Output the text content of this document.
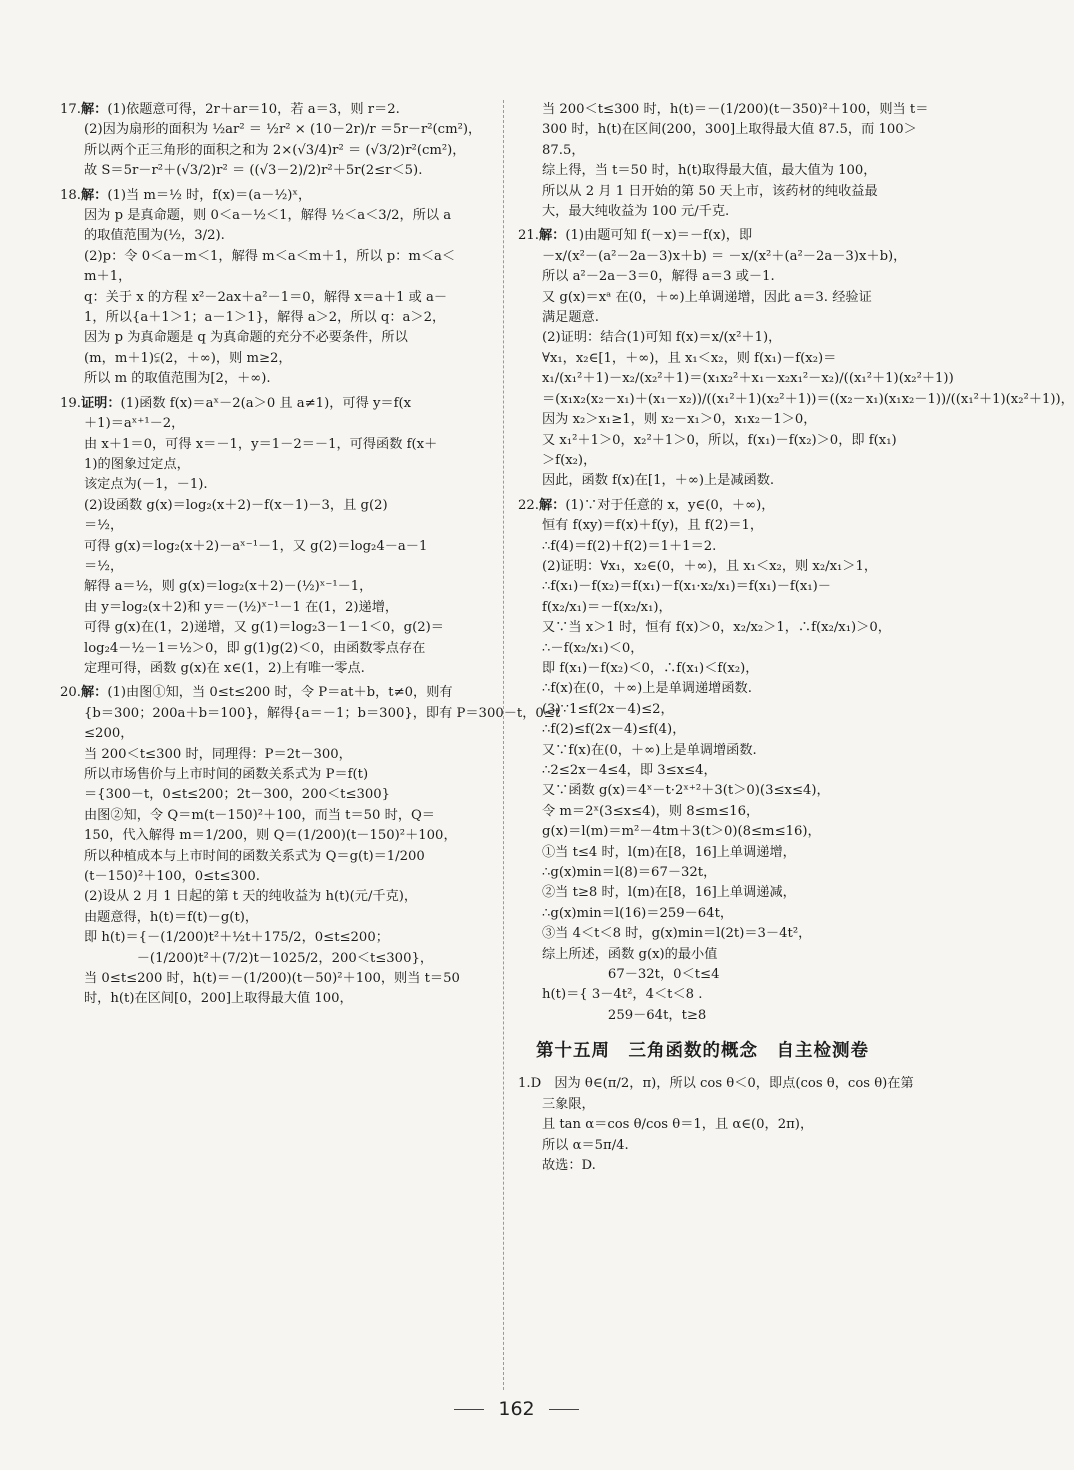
17.解：(1)依题意可得，2r＋ar＝10，若 a＝3，则 r＝2.
(2)因为扇形的面积为 ½ar² ＝ ½r² × (10－2r)/r ＝5r－r²(cm²)，
所以两个正三角形的面积之和为 2×(√3/4)r² ＝ (√3/2)r²(cm²)，
故 S＝5r－r²＋(√3/2)r² ＝ ((√3－2)/2)r²＋5r(2≤r＜5).
18.解：(1)当 m＝½ 时，f(x)＝(a－½)ˣ，
因为 p 是真命题，则 0＜a－½＜1，解得 ½＜a＜3/2，所以 a
的取值范围为(½，3/2).
(2)p：令 0＜a－m＜1，解得 m＜a＜m＋1，所以 p：m＜a＜
m＋1，
q：关于 x 的方程 x²－2ax＋a²－1＝0，解得 x＝a＋1 或 a－
1，所以{a＋1＞1；a－1＞1}，解得 a＞2，所以 q：a＞2，
因为 p 为真命题是 q 为真命题的充分不必要条件，所以
(m，m＋1)⫋(2，＋∞)，则 m≥2，
所以 m 的取值范围为[2，＋∞).
19.证明：(1)函数 f(x)＝aˣ－2(a＞0 且 a≠1)，可得 y＝f(x
＋1)＝aˣ⁺¹－2，
由 x＋1＝0，可得 x＝－1，y＝1－2＝－1，可得函数 f(x＋
1)的图象过定点，
该定点为(－1，－1).
(2)设函数 g(x)＝log₂(x＋2)－f(x－1)－3，且 g(2)
＝½，
可得 g(x)＝log₂(x＋2)－aˣ⁻¹－1，又 g(2)＝log₂4－a－1
＝½，
解得 a＝½，则 g(x)＝log₂(x＋2)－(½)ˣ⁻¹－1，
由 y＝log₂(x＋2)和 y＝－(½)ˣ⁻¹－1 在(1，2)递增，
可得 g(x)在(1，2)递增，又 g(1)＝log₂3－1－1＜0，g(2)＝
log₂4－½－1＝½＞0，即 g(1)g(2)＜0，由函数零点存在
定理可得，函数 g(x)在 x∈(1，2)上有唯一零点.
20.解：(1)由图①知，当 0≤t≤200 时，令 P＝at＋b，t≠0，则有
{b＝300；200a＋b＝100}，解得{a＝－1；b＝300}，即有 P＝300－t，0≤t
≤200，
当 200＜t≤300 时，同理得：P＝2t－300，
所以市场售价与上市时间的函数关系式为 P＝f(t)
＝{300－t，0≤t≤200；2t－300，200＜t≤300}
由图②知，令 Q＝m(t－150)²＋100，而当 t＝50 时，Q＝
150，代入解得 m＝1/200，则 Q＝(1/200)(t－150)²＋100，
所以种植成本与上市时间的函数关系式为 Q＝g(t)＝1/200
(t－150)²＋100，0≤t≤300.
(2)设从 2 月 1 日起的第 t 天的纯收益为 h(t)(元/千克)，
由题意得，h(t)＝f(t)－g(t)，
即 h(t)＝{－(1/200)t²＋½t＋175/2，0≤t≤200；
　　　　－(1/200)t²＋(7/2)t－1025/2，200＜t≤300}，
当 0≤t≤200 时，h(t)＝－(1/200)(t－50)²＋100，则当 t＝50
时，h(t)在区间[0，200]上取得最大值 100，
当 200＜t≤300 时，h(t)＝－(1/200)(t－350)²＋100，则当 t＝
300 时，h(t)在区间(200，300]上取得最大值 87.5，而 100＞
87.5，
综上得，当 t＝50 时，h(t)取得最大值，最大值为 100，
所以从 2 月 1 日开始的第 50 天上市，该药材的纯收益最
大，最大纯收益为 100 元/千克.
21.解：(1)由题可知 f(－x)＝－f(x)，即
－x/(x²－(a²－2a－3)x＋b) ＝ －x/(x²＋(a²－2a－3)x＋b)，
所以 a²－2a－3＝0，解得 a＝3 或－1.
又 g(x)＝xᵃ 在(0，＋∞)上单调递增，因此 a＝3. 经验证
满足题意.
(2)证明：结合(1)可知 f(x)＝x/(x²＋1)，
∀x₁，x₂∈[1，＋∞)，且 x₁＜x₂，则 f(x₁)－f(x₂)＝
x₁/(x₁²＋1)－x₂/(x₂²＋1)＝(x₁x₂²＋x₁－x₂x₁²－x₂)/((x₁²＋1)(x₂²＋1))
＝(x₁x₂(x₂－x₁)＋(x₁－x₂))/((x₁²＋1)(x₂²＋1))＝((x₂－x₁)(x₁x₂－1))/((x₁²＋1)(x₂²＋1))，
因为 x₂＞x₁≥1，则 x₂－x₁＞0，x₁x₂－1＞0，
又 x₁²＋1＞0，x₂²＋1＞0，所以，f(x₁)－f(x₂)＞0，即 f(x₁)
＞f(x₂)，
因此，函数 f(x)在[1，＋∞)上是减函数.
22.解：(1)∵对于任意的 x，y∈(0，＋∞)，
恒有 f(xy)＝f(x)＋f(y)，且 f(2)＝1，
∴f(4)＝f(2)＋f(2)＝1＋1＝2.
(2)证明：∀x₁，x₂∈(0，＋∞)，且 x₁＜x₂，则 x₂/x₁＞1，
∴f(x₁)－f(x₂)＝f(x₁)－f(x₁·x₂/x₁)＝f(x₁)－f(x₁)－
f(x₂/x₁)＝－f(x₂/x₁)，
又∵当 x＞1 时，恒有 f(x)＞0，x₂/x₂＞1，∴f(x₂/x₁)＞0，
∴－f(x₂/x₁)＜0，
即 f(x₁)－f(x₂)＜0，∴f(x₁)＜f(x₂)，
∴f(x)在(0，＋∞)上是单调递增函数.
(3)∵1≤f(2x－4)≤2，
∴f(2)≤f(2x－4)≤f(4)，
又∵f(x)在(0，＋∞)上是单调增函数.
∴2≤2x－4≤4，即 3≤x≤4，
又∵函数 g(x)＝4ˣ－t·2ˣ⁺²＋3(t＞0)(3≤x≤4)，
令 m＝2ˣ(3≤x≤4)，则 8≤m≤16，
g(x)＝l(m)＝m²－4tm＋3(t＞0)(8≤m≤16)，
①当 t≤4 时，l(m)在[8，16]上单调递增，
∴g(x)min＝l(8)＝67－32t，
②当 t≥8 时，l(m)在[8，16]上单调递减，
∴g(x)min＝l(16)＝259－64t，
③当 4＜t＜8 时，g(x)min＝l(2t)＝3－4t²，
综上所述，函数 g(x)的最小值
　　　　　67－32t，0＜t≤4
h(t)＝{ 3－4t²，4＜t＜8 .
　　　　　259－64t，t≥8
第十五周　三角函数的概念　自主检测卷
1.D　因为 θ∈(π/2，π)，所以 cos θ＜0，即点(cos θ，cos θ)在第
三象限，
且 tan α＝cos θ/cos θ＝1，且 α∈(0，2π)，
所以 α＝5π/4.
故选：D.
162
